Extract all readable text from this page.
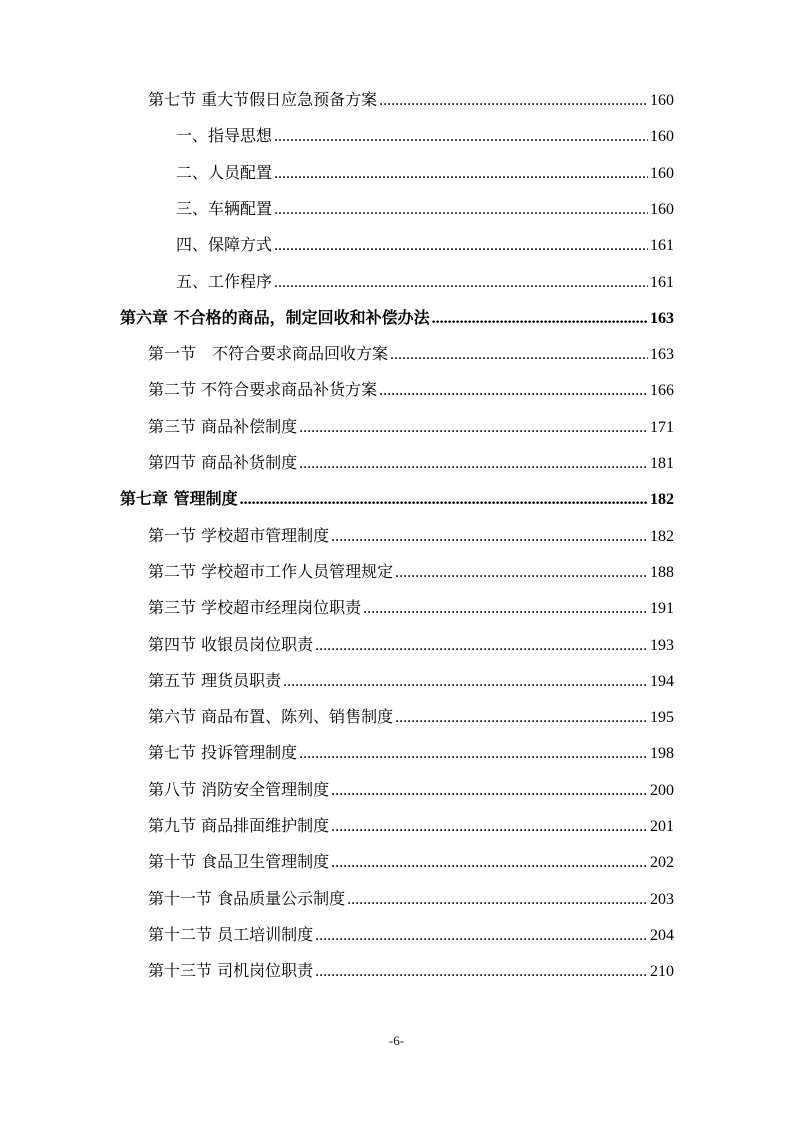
第七节 重大节假日应急预备方案 .....	160
一、指导思想 .....	160
二、人员配置 .....	160
三、车辆配置 .....	160
四、保障方式 .....	161
五、工作程序 .....	161
第六章 不合格的商品，制定回收和补偿办法 .....	163
第一节　不符合要求商品回收方案 .....	163
第二节 不符合要求商品补货方案 .....	166
第三节 商品补偿制度 .....	171
第四节 商品补货制度 .....	181
第七章 管理制度 .....	182
第一节 学校超市管理制度 .....	182
第二节 学校超市工作人员管理规定 .....	188
第三节 学校超市经理岗位职责 .....	191
第四节 收银员岗位职责 .....	193
第五节 理货员职责 .....	194
第六节 商品布置、陈列、销售制度 .....	195
第七节 投诉管理制度 .....	198
第八节 消防安全管理制度 .....	200
第九节 商品排面维护制度 .....	201
第十节 食品卫生管理制度 .....	202
第十一节 食品质量公示制度 .....	203
第十二节 员工培训制度 .....	204
第十三节 司机岗位职责 .....	210
-6-
